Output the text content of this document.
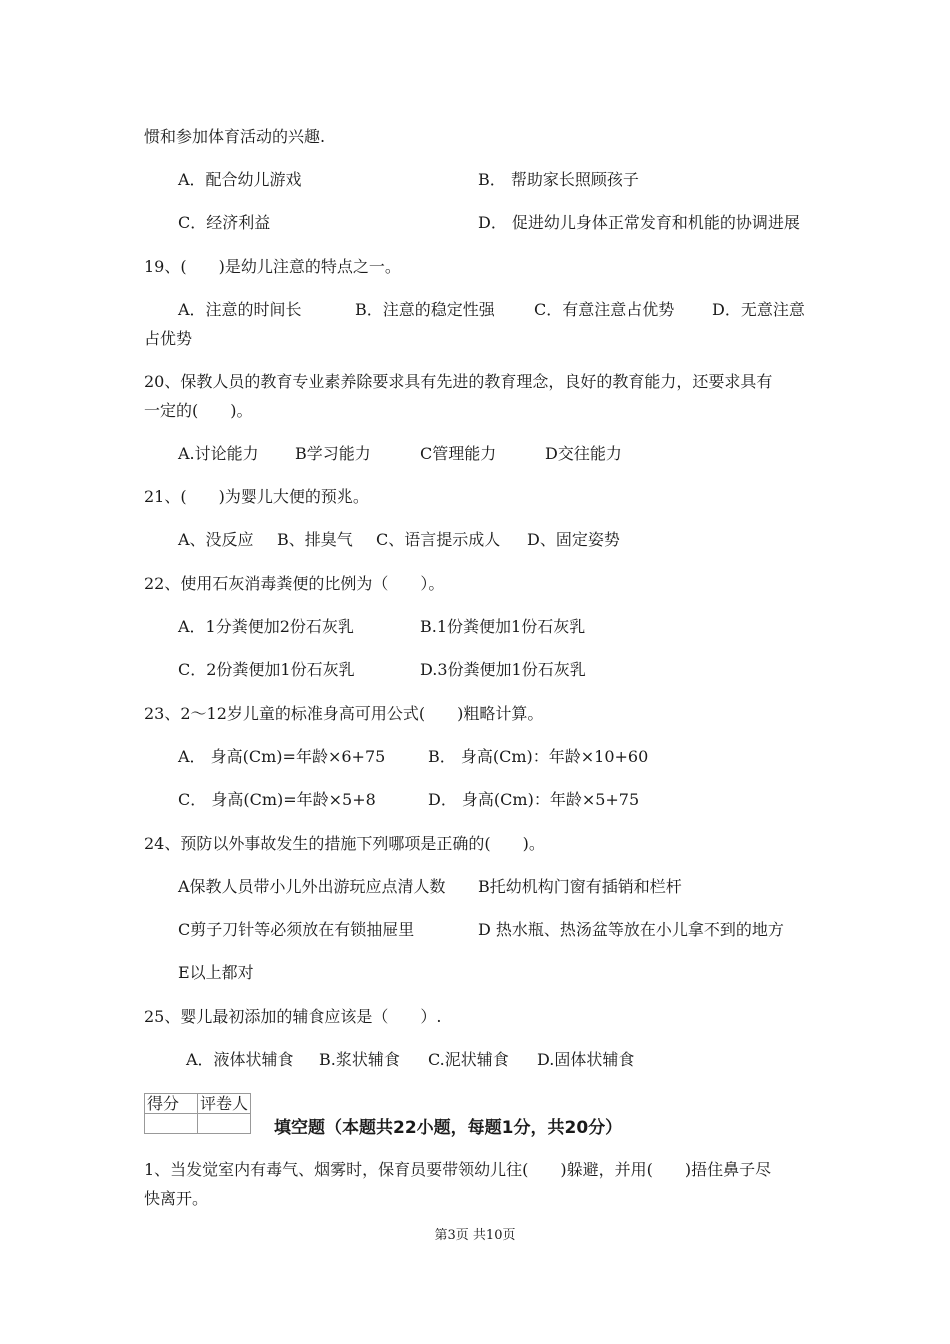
惯和参加体育活动的兴趣.
A．配合幼儿游戏	B． 帮助家长照顾孩子
C．经济利益	D． 促进幼儿身体正常发育和机能的协调进展
19、(　　)是幼儿注意的特点之一。
A．注意的时间长	B．注意的稳定性强 C．有意注意占优势 D．无意注意
占优势
20、保教人员的教育专业素养除要求具有先进的教育理念，良好的教育能力，还要求具有
一定的(　　)。
A.讨论能力 B学习能力	C管理能力	D交往能力
21、(　　)为婴儿大便的预兆。
A、没反应 B、排臭气 C、语言提示成人 D、固定姿势
22、使用石灰消毒粪便的比例为（　　）。
A．1分粪便加2份石灰乳	B.1份粪便加1份石灰乳
C．2份粪便加1份石灰乳	D.3份粪便加1份石灰乳
23、2～12岁儿童的标准身高可用公式(　　)粗略计算。
A． 身高(Cm)=年龄×6+75	B． 身高(Cm)：年龄×10+60
C． 身高(Cm)=年龄×5+8	D． 身高(Cm)：年龄×5+75
24、预防以外事故发生的措施下列哪项是正确的(　　)。
A保教人员带小儿外出游玩应点清人数 B托幼机构门窗有插销和栏杆
C剪子刀针等必须放在有锁抽屉里	D 热水瓶、热汤盆等放在小儿拿不到的地方
E以上都对
25、婴儿最初添加的辅食应该是（　　）.
A．液体状辅食 B.浆状辅食 C.泥状辅食 D.固体状辅食
得分	评卷人

填空题（本题共22小题，每题1分，共20分）
1、当发觉室内有毒气、烟雾时，保育员要带领幼儿往(　　)躲避，并用(　　)捂住鼻子尽
快离开。
第3页 共10页
